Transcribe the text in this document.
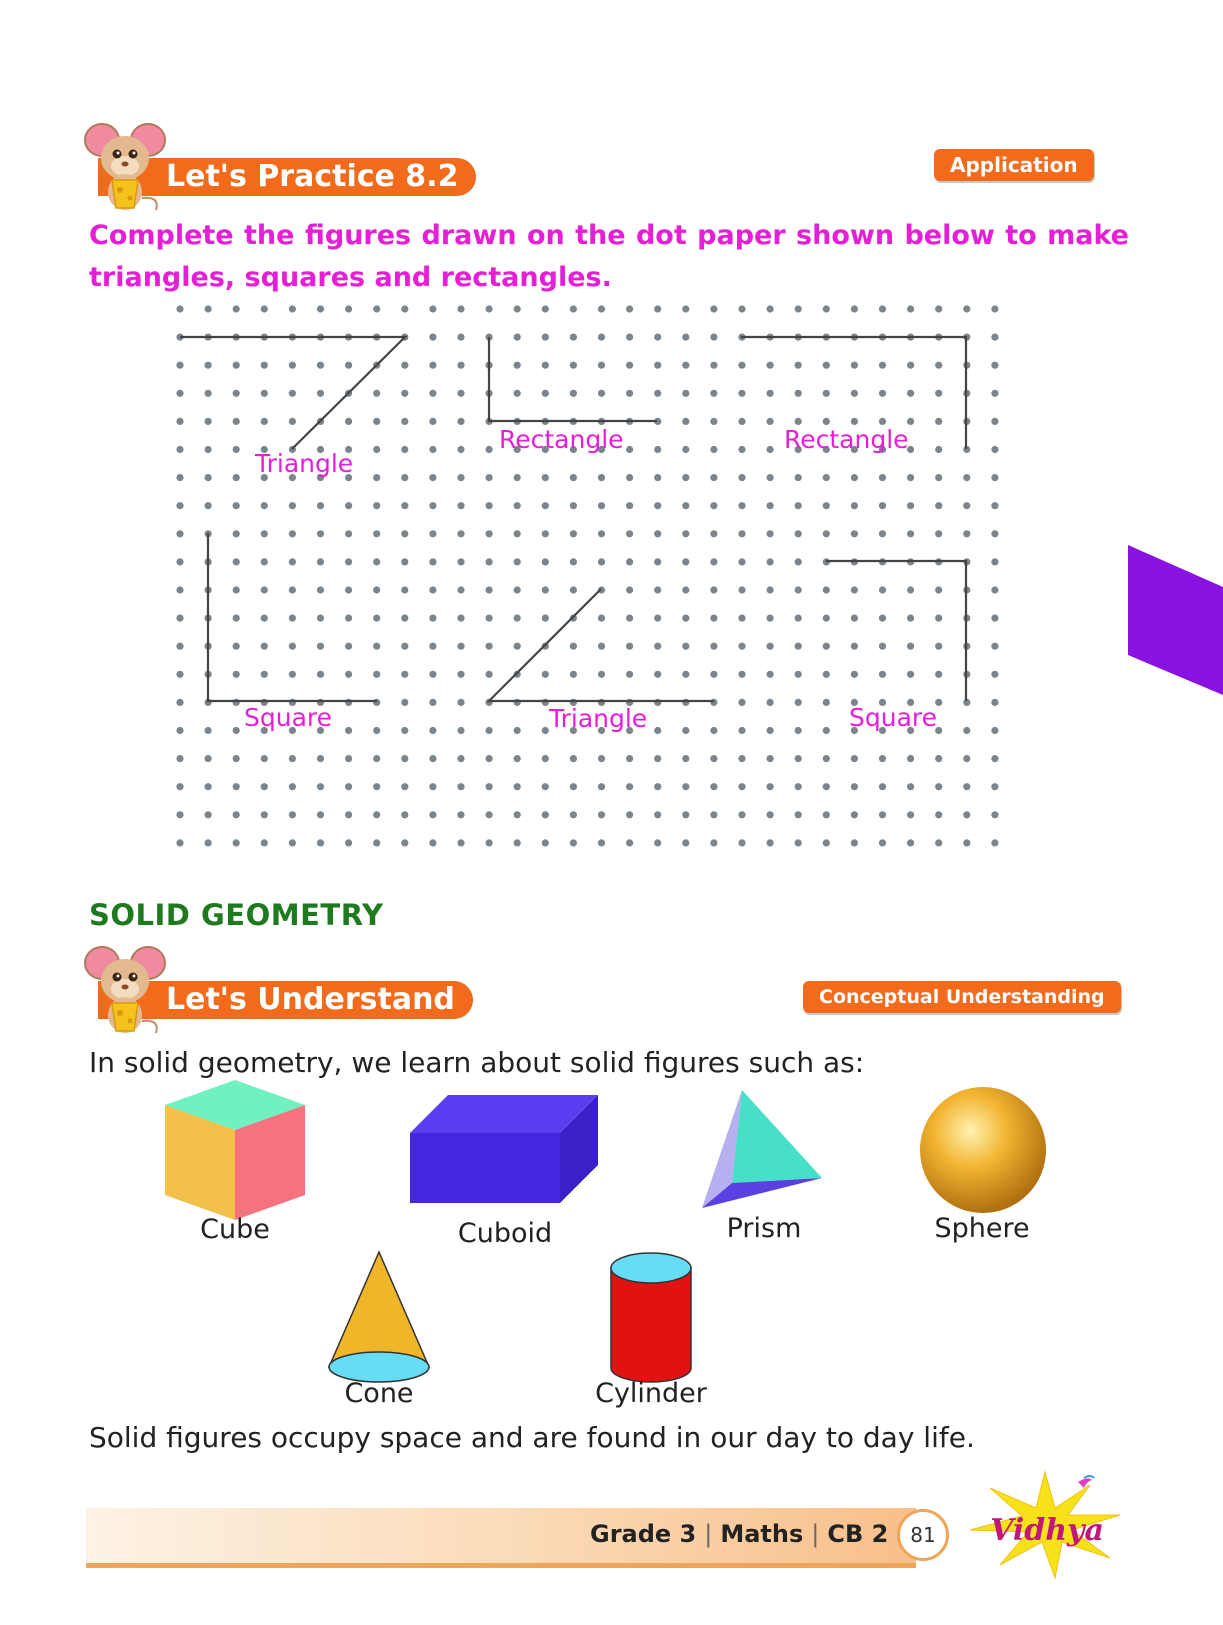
Let's Practice 8.2	Application
Complete the figures drawn on the dot paper shown below to make
triangles, squares and rectangles.
Triangle
Rectangle	Rectangle
Square	Triangle	Square
SOLID GEOMETRY
Let's Understand	Conceptual Understanding
In solid geometry, we learn about solid figures such as:
Cube	Cuboid	Prism	Sphere
Cone	Cylinder
Solid figures occupy space and are found in our day to day life.
Grade 3 | Maths | CB 2	81	Vidhya
